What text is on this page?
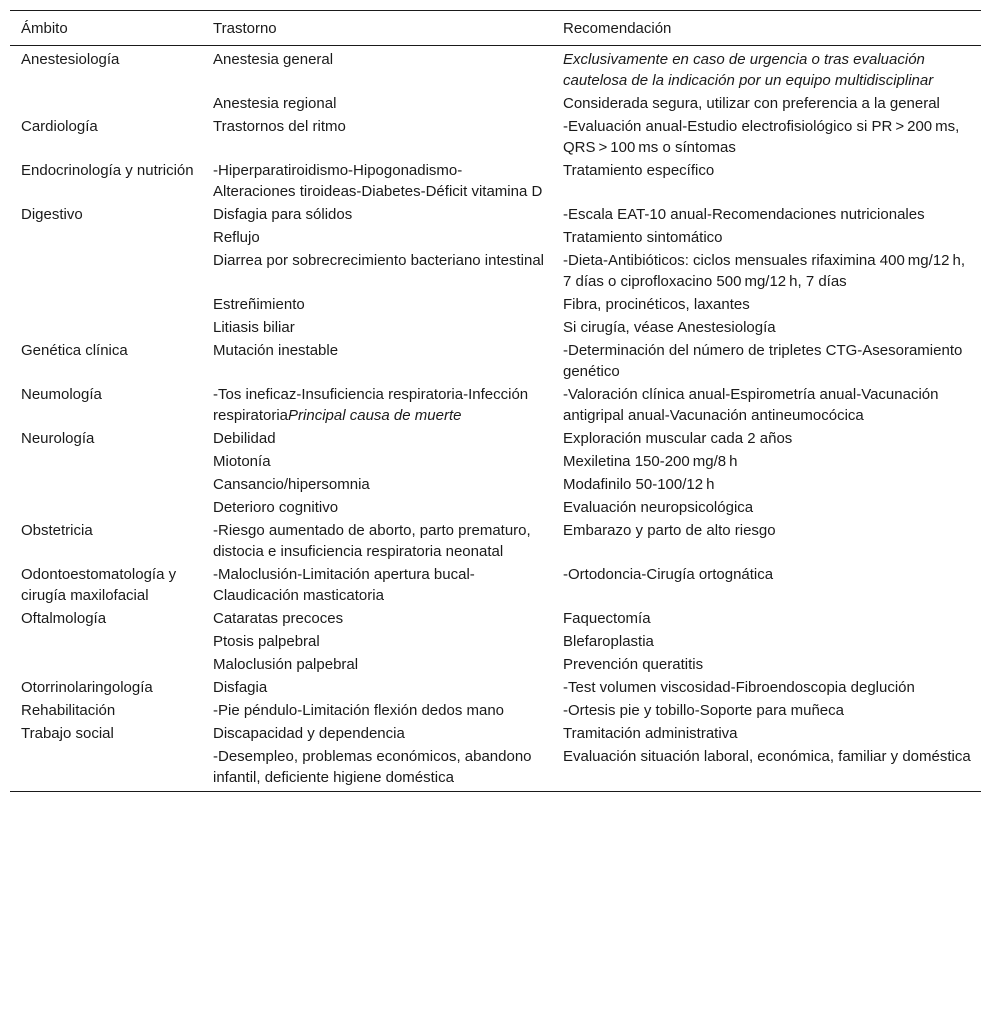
Ámbito	Trastorno	Recomendación
Anestesiología	Anestesia general	Exclusivamente en caso de urgencia o tras evaluación cautelosa de la indicación por un equipo multidisciplinar
	Anestesia regional	Considerada segura, utilizar con preferencia a la general
Cardiología	Trastornos del ritmo	-Evaluación anual-Estudio electrofisiológico si PR > 200 ms, QRS > 100 ms o síntomas
Endocrinología y nutrición	-Hiperparatiroidismo-Hipogonadismo-Alteraciones tiroideas-Diabetes-Déficit vitamina D	Tratamiento específico
Digestivo	Disfagia para sólidos	-Escala EAT-10 anual-Recomendaciones nutricionales
	Reflujo	Tratamiento sintomático
	Diarrea por sobrecrecimiento bacteriano intestinal	-Dieta-Antibióticos: ciclos mensuales rifaximina 400 mg/12 h, 7 días o ciprofloxacino 500 mg/12 h, 7 días
	Estreñimiento	Fibra, procinéticos, laxantes
	Litiasis biliar	Si cirugía, véase Anestesiología
Genética clínica	Mutación inestable	-Determinación del número de tripletes CTG-Asesoramiento genético
Neumología	-Tos ineficaz-Insuficiencia respiratoria-Infección respiratoriaPrincipal causa de muerte	-Valoración clínica anual-Espirometría anual-Vacunación antigripal anual-Vacunación antineumocócica
Neurología	Debilidad	Exploración muscular cada 2 años
	Miotonía	Mexiletina 150-200 mg/8 h
	Cansancio/hipersomnia	Modafinilo 50-100/12 h
	Deterioro cognitivo	Evaluación neuropsicológica
Obstetricia	-Riesgo aumentado de aborto, parto prematuro, distocia e insuficiencia respiratoria neonatal	Embarazo y parto de alto riesgo
Odontoestomatología y cirugía maxilofacial	-Maloclusión-Limitación apertura bucal-Claudicación masticatoria	-Ortodoncia-Cirugía ortognática
Oftalmología	Cataratas precoces	Faquectomía
	Ptosis palpebral	Blefaroplastia
	Maloclusión palpebral	Prevención queratitis
Otorrinolaringología	Disfagia	-Test volumen viscosidad-Fibroendoscopia deglución
Rehabilitación	-Pie péndulo-Limitación flexión dedos mano	-Ortesis pie y tobillo-Soporte para muñeca
Trabajo social	Discapacidad y dependencia	Tramitación administrativa
	-Desempleo, problemas económicos, abandono infantil, deficiente higiene doméstica	Evaluación situación laboral, económica, familiar y doméstica
